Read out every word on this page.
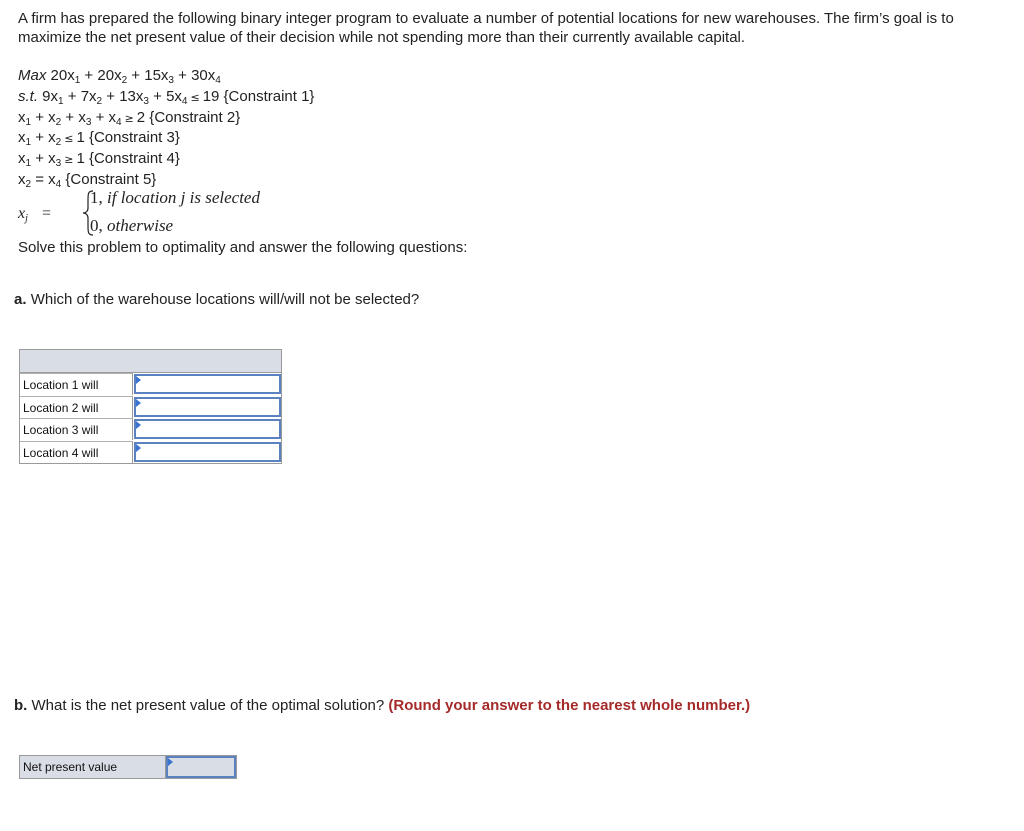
A firm has prepared the following binary integer program to evaluate a number of potential locations for new warehouses. The firm’s goal is to maximize the net present value of their decision while not spending more than their currently available capital.
Max $20x_1 + 20x_2 + 15x_3 + 30x_4$
s.t. $9x_1 + 7x_2 + 13x_3 + 5x_4 \le 19$ {Constraint 1}
$x_1 + x_2 + x_3 + x_4 \ge 2$ {Constraint 2}
$x_1 + x_2 \le 1$ {Constraint 3}
$x_1 + x_3 \ge 1$ {Constraint 4}
$x_2 = x_4$ {Constraint 5}
$x_j$ =
1, if location j is selected
0, otherwise
Solve this problem to optimality and answer the following questions:
a. Which of the warehouse locations will/will not be selected?
Location 1 will
Location 2 will
Location 3 will
Location 4 will
b. What is the net present value of the optimal solution? (Round your answer to the nearest whole number.)
Net present value
